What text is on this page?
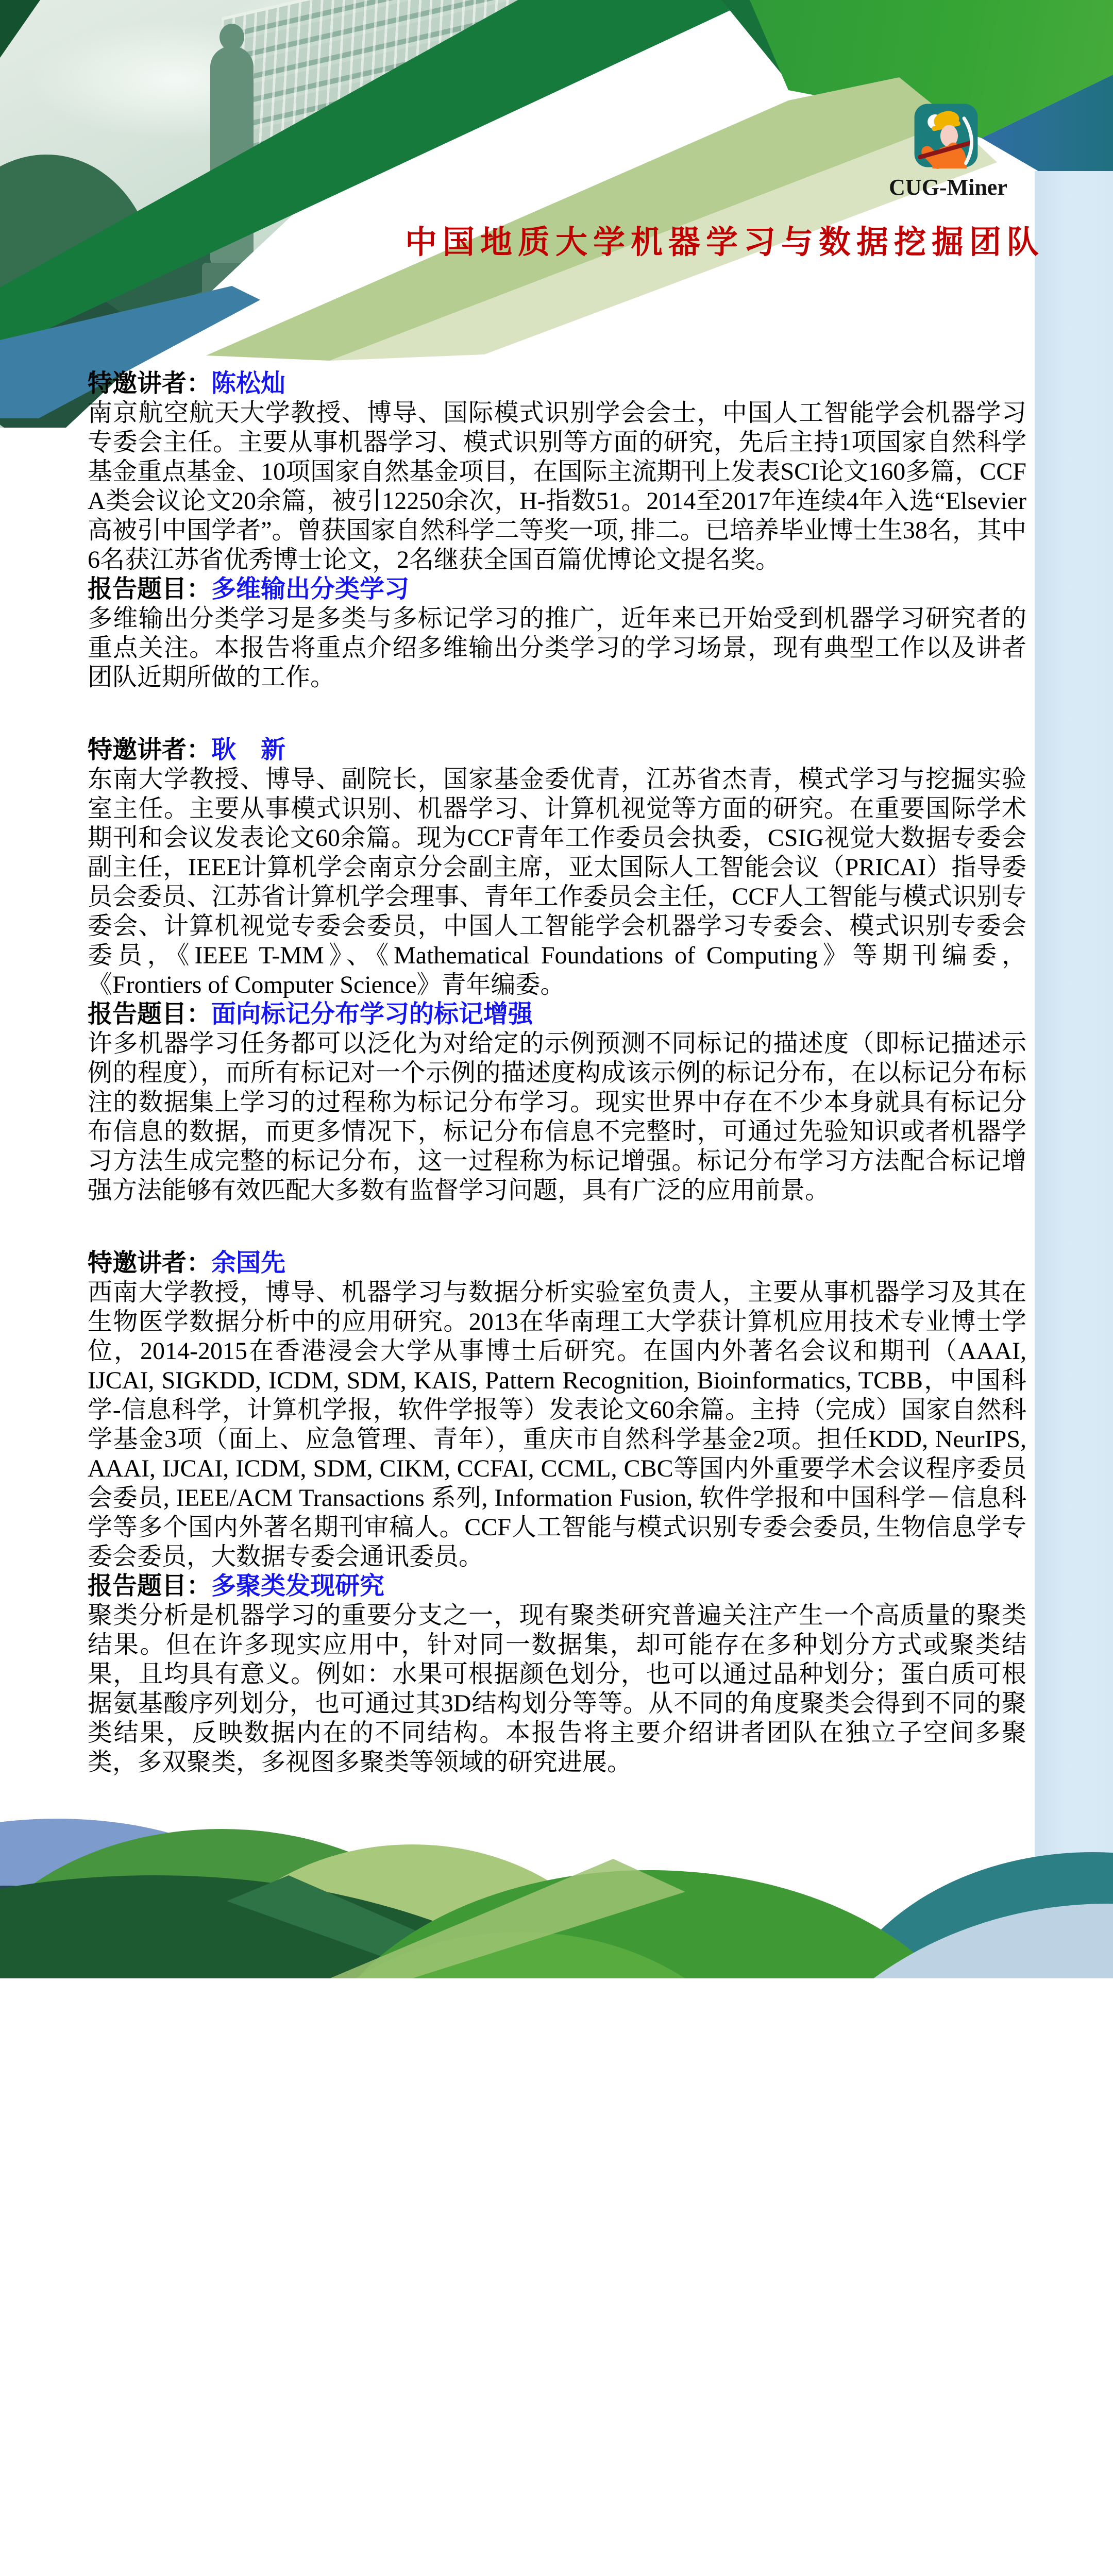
CUG-Miner
中国地质大学机器学习与数据挖掘团队
特邀讲者：陈松灿

南京航空航天大学教授、博导、国际模式识别学会会士，中国人工智能学会机器学习专委会主任。主要从事机器学习、模式识别等方面的研究，先后主持1项国家自然科学基金重点基金、10项国家自然基金项目，在国际主流期刊上发表SCI论文160多篇，CCF A类会议论文20余篇，被引12250余次，H-指数51。2014至2017年连续4年入选“Elsevier高被引中国学者”。曾获国家自然科学二等奖一项, 排二。已培养毕业博士生38名，其中6名获江苏省优秀博士论文，2名继获全国百篇优博论文提名奖。

报告题目：多维输出分类学习

多维输出分类学习是多类与多标记学习的推广，近年来已开始受到机器学习研究者的重点关注。本报告将重点介绍多维输出分类学习的学习场景，现有典型工作以及讲者团队近期所做的工作。

特邀讲者：耿　新

东南大学教授、博导、副院长，国家基金委优青，江苏省杰青，模式学习与挖掘实验室主任。主要从事模式识别、机器学习、计算机视觉等方面的研究。在重要国际学术期刊和会议发表论文60余篇。现为CCF青年工作委员会执委，CSIG视觉大数据专委会副主任，IEEE计算机学会南京分会副主席，亚太国际人工智能会议（PRICAI）指导委员会委员、江苏省计算机学会理事、青年工作委员会主任，CCF人工智能与模式识别专委会、计算机视觉专委会委员，中国人工智能学会机器学习专委会、模式识别专委会委员，《IEEE T-MM》、《Mathematical Foundations of Computing》等期刊编委，《Frontiers of Computer Science》青年编委。

报告题目：面向标记分布学习的标记增强

许多机器学习任务都可以泛化为对给定的示例预测不同标记的描述度（即标记描述示例的程度），而所有标记对一个示例的描述度构成该示例的标记分布，在以标记分布标注的数据集上学习的过程称为标记分布学习。现实世界中存在不少本身就具有标记分布信息的数据，而更多情况下，标记分布信息不完整时，可通过先验知识或者机器学习方法生成完整的标记分布，这一过程称为标记增强。标记分布学习方法配合标记增强方法能够有效匹配大多数有监督学习问题，具有广泛的应用前景。

特邀讲者：余国先

西南大学教授，博导、机器学习与数据分析实验室负责人，主要从事机器学习及其在生物医学数据分析中的应用研究。2013在华南理工大学获计算机应用技术专业博士学位，2014-2015在香港浸会大学从事博士后研究。在国内外著名会议和期刊（AAAI, IJCAI, SIGKDD, ICDM, SDM, KAIS, Pattern Recognition, Bioinformatics, TCBB，中国科学-信息科学，计算机学报，软件学报等）发表论文60余篇。主持（完成）国家自然科学基金3项（面上、应急管理、青年），重庆市自然科学基金2项。担任KDD, NeurIPS, AAAI, IJCAI, ICDM, SDM, CIKM, CCFAI, CCML, CBC等国内外重要学术会议程序委员会委员, IEEE/ACM Transactions 系列, Information Fusion, 软件学报和中国科学－信息科学等多个国内外著名期刊审稿人。CCF人工智能与模式识别专委会委员, 生物信息学专委会委员，大数据专委会通讯委员。

报告题目：多聚类发现研究

聚类分析是机器学习的重要分支之一，现有聚类研究普遍关注产生一个高质量的聚类结果。但在许多现实应用中，针对同一数据集，却可能存在多种划分方式或聚类结果，且均具有意义。例如：水果可根据颜色划分，也可以通过品种划分；蛋白质可根据氨基酸序列划分，也可通过其3D结构划分等等。从不同的角度聚类会得到不同的聚类结果，反映数据内在的不同结构。本报告将主要介绍讲者团队在独立子空间多聚类，多双聚类，多视图多聚类等领域的研究进展。
